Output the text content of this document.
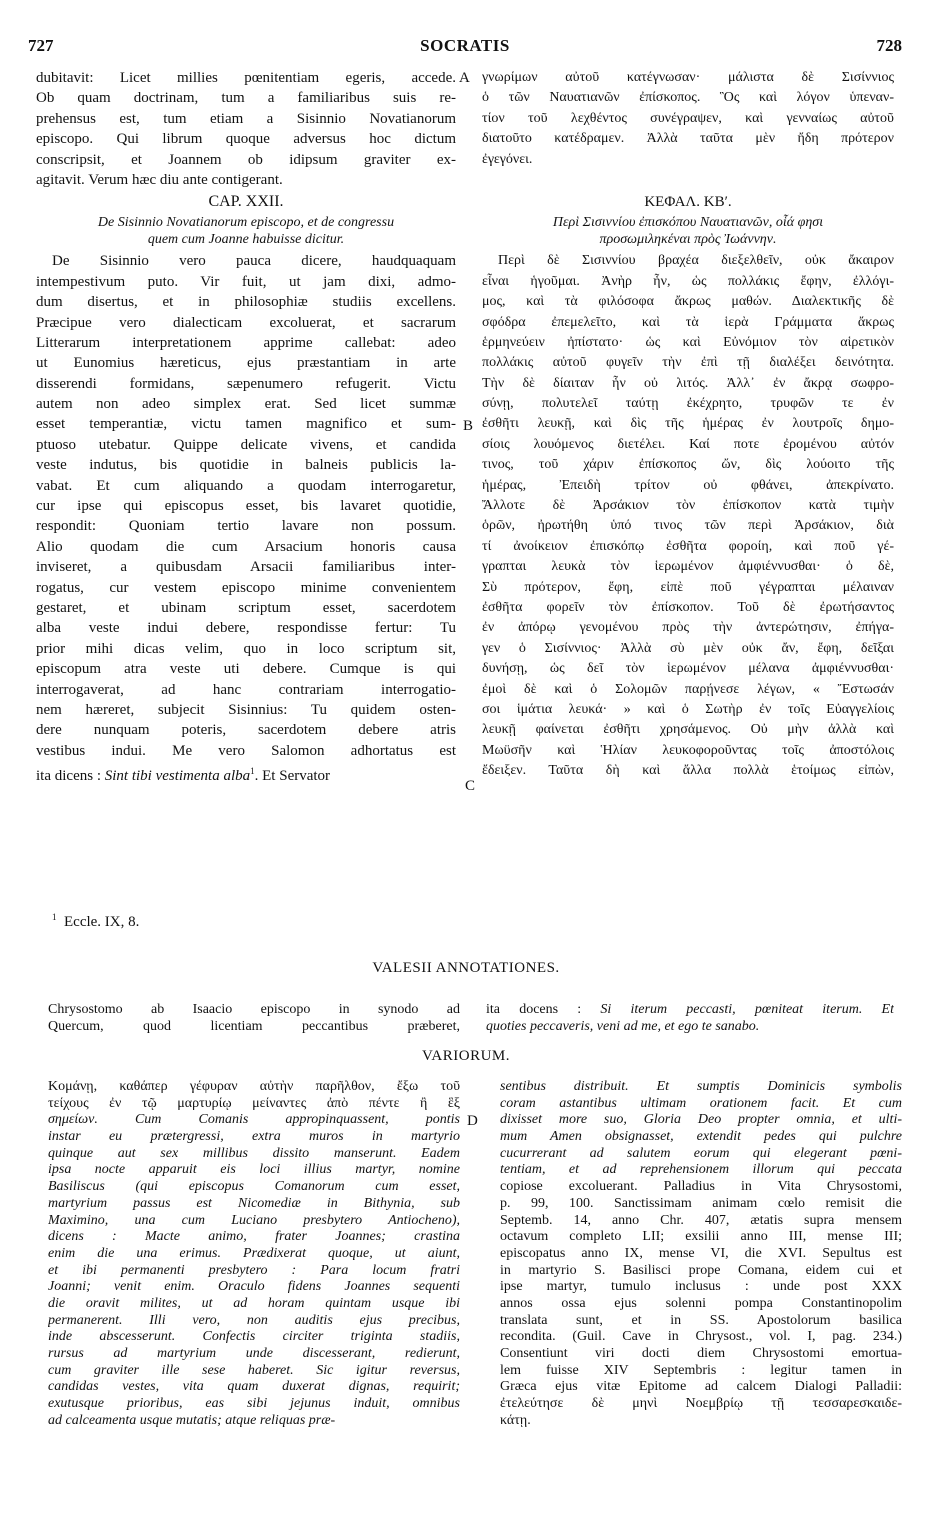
727	SOCRATIS	728
dubitavit: Licet millies pœnitentiam egeris, accede.
Ob quam doctrinam, tum a familiaribus suis re-
prehensus est, tum etiam a Sisinnio Novatianorum
episcopo. Qui librum quoque adversus hoc dictum
conscripsit, et Joannem ob idipsum graviter ex-
agitavit. Verum hæc diu ante contigerant.
CAP. XXII.
De Sisinnio Novatianorum episcopo, et de congressu
quem cum Joanne habuisse dicitur.
De Sisinnio vero pauca dicere, haudquaquam
intempestivum puto. Vir fuit, ut jam dixi, admo-
dum disertus, et in philosophiæ studiis excellens.
Præcipue vero dialecticam excoluerat, et sacrarum
Litterarum interpretationem apprime callebat: adeo
ut Eunomius hæreticus, ejus præstantiam in arte
disserendi formidans, sæpenumero refugerit. Victu
autem non adeo simplex erat. Sed licet summæ
esset temperantiæ, victu tamen magnifico et sum-
ptuoso utebatur. Quippe delicate vivens, et candida
veste indutus, bis quotidie in balneis publicis la-
vabat. Et cum aliquando a quodam interrogaretur,
cur ipse qui episcopus esset, bis lavaret quotidie,
respondit: Quoniam tertio lavare non possum.
Alio quodam die cum Arsacium honoris causa
inviseret, a quibusdam Arsacii familiaribus inter-
rogatus, cur vestem episcopo minime convenientem
gestaret, et ubinam scriptum esset, sacerdotem
alba veste indui debere, respondisse fertur: Tu
prior mihi dicas velim, quo in loco scriptum sit,
episcopum atra veste uti debere. Cumque is qui
interrogaverat, ad hanc contrariam interrogatio-
nem hæreret, subjecit Sisinnius: Tu quidem osten-
dere nunquam poteris, sacerdotem debere atris
vestibus indui. Me vero Salomon adhortatus est
ita dicens : Sint tibi vestimenta alba$^1$. Et Servator
γνωρίμων αὐτοῦ κατέγνωσαν· μάλιστα δὲ Σισίννιος
ὁ τῶν Ναυατιανῶν ἐπίσκοπος. Ὃς καὶ λόγον ὑπεναν-
τίον τοῦ λεχθέντος συνέγραψεν, καὶ γενναίως αὐτοῦ
διατοῦτο κατέδραμεν. Ἀλλὰ ταῦτα μὲν ἤδη πρότερον
ἐγεγόνει.
ΚΕΦΑΛ. ΚΒʹ.
Περὶ Σισιννίου ἐπισκόπου Ναυατιανῶν, οἷά φησι
προσωμιληκέναι πρὸς Ἰωάννην.
Περὶ δὲ Σισιννίου βραχέα διεξελθεῖν, οὐκ ἄκαιρον
εἶναι ἡγοῦμαι. Ἀνὴρ ἦν, ὡς πολλάκις ἔφην, ἐλλόγι-
μος, καὶ τὰ φιλόσοφα ἄκρως μαθών. Διαλεκτικῆς δὲ
σφόδρα ἐπεμελεῖτο, καὶ τὰ ἱερὰ Γράμματα ἄκρως
ἑρμηνεύειν ἠπίστατο· ὡς καὶ Εὐνόμιον τὸν αἱρετικὸν
πολλάκις αὐτοῦ φυγεῖν τὴν ἐπὶ τῇ διαλέξει δεινότητα.
Τὴν δὲ δίαιταν ἦν οὐ λιτός. Ἀλλ᾽ ἐν ἄκρᾳ σωφρο-
σύνῃ, πολυτελεῖ ταύτῃ ἐκέχρητο, τρυφῶν τε ἐν
ἐσθῆτι λευκῇ, καὶ δὶς τῆς ἡμέρας ἐν λουτροῖς δημο-
σίοις λουόμενος διετέλει. Καί ποτε ἐρομένου αὐτόν
τινος, τοῦ χάριν ἐπίσκοπος ὤν, δὶς λούοιτο τῆς
ἡμέρας, Ἐπειδὴ τρίτον οὐ φθάνει, ἀπεκρίνατο.
Ἄλλοτε δὲ Ἀρσάκιον τὸν ἐπίσκοπον κατὰ τιμὴν
ὁρῶν, ἠρωτήθη ὑπό τινος τῶν περὶ Ἀρσάκιον, διὰ
τί ἀνοίκειον ἐπισκόπῳ ἐσθῆτα φοροίη, καὶ ποῦ γέ-
γραπται λευκὰ τὸν ἱερωμένον ἀμφιέννυσθαι· ὁ δὲ,
Σὺ πρότερον, ἔφη, εἰπὲ ποῦ γέγραπται μέλαιναν
ἐσθῆτα φορεῖν τὸν ἐπίσκοπον. Τοῦ δὲ ἐρωτήσαντος
ἐν ἀπόρῳ γενομένου πρὸς τὴν ἀντερώτησιν, ἐπήγα-
γεν ὁ Σισίννιος· Ἀλλὰ σὺ μὲν οὐκ ἄν, ἔφη, δεῖξαι
δυνήσῃ, ὡς δεῖ τὸν ἱερωμένον μέλανα ἀμφιέννυσθαι·
ἐμοὶ δὲ καὶ ὁ Σολομῶν παρῄνεσε λέγων, « Ἔστωσάν
σοι ἱμάτια λευκά· » καὶ ὁ Σωτὴρ ἐν τοῖς Εὐαγγελίοις
λευκῇ φαίνεται ἐσθῆτι χρησάμενος. Οὐ μὴν ἀλλὰ καὶ
Μωϋσῆν καὶ Ἡλίαν λευκοφοροῦντας τοῖς ἀποστόλοις
ἔδειξεν. Ταῦτα δὴ καὶ ἄλλα πολλὰ ἑτοίμως εἰπὼν,
A
B
C
D
$^1$ Eccle. IX, 8.
VALESII ANNOTATIONES.
Chrysostomo ab Isaacio episcopo in synodo ad
Quercum, quod licentiam peccantibus præberet,
ita docens : Si iterum peccasti, pœniteat iterum. Et
quoties peccaveris, veni ad me, et ego te sanabo.
VARIORUM.
Κομάνῃ, καθάπερ γέφυραν αὐτὴν παρῆλθον, ἔξω τοῦ
τείχους ἐν τῷ μαρτυρίῳ μείναντες ἀπὸ πέντε ἢ ἓξ
σημείων. Cum Comanis appropinquassent, pontis
instar eu prætergressi, extra muros in martyrio
quinque aut sex millibus dissito manserunt. Eadem
ipsa nocte apparuit eis loci illius martyr, nomine
Basiliscus (qui episcopus Comanorum cum esset,
martyrium passus est Nicomediæ in Bithynia, sub
Maximino, una cum Luciano presbytero Antiocheno),
dicens : Macte animo, frater Joannes; crastina
enim die una erimus. Prædixerat quoque, ut aiunt,
et ibi permanenti presbytero : Para locum fratri
Joanni; venit enim. Oraculo fidens Joannes sequenti
die oravit milites, ut ad horam quintam usque ibi
permanerent. Illi vero, non auditis ejus precibus,
inde abscesserunt. Confectis circiter triginta stadiis,
rursus ad martyrium unde discesserant, redierunt,
cum graviter ille sese haberet. Sic igitur reversus,
candidas vestes, vita quam duxerat dignas, requirit;
exutusque prioribus, eas sibi jejunus induit, omnibus
ad calceamenta usque mutatis; atque reliquas præ-
sentibus distribuit. Et sumptis Dominicis symbolis
coram astantibus ultimam orationem facit. Et cum
dixisset more suo, Gloria Deo propter omnia, et ulti-
mum Amen obsignasset, extendit pedes qui pulchre
cucurrerant ad salutem eorum qui elegerant pœni-
tentiam, et ad reprehensionem illorum qui peccata
copiose excoluerant. Palladius in Vita Chrysostomi,
p. 99, 100. Sanctissimam animam cœlo remisit die
Septemb. 14, anno Chr. 407, ætatis supra mensem
octavum completo LII; exsilii anno III, mense III;
episcopatus anno IX, mense VI, die XVI. Sepultus est
in martyrio S. Basilisci prope Comana, eidem cui et
ipse martyr, tumulo inclusus : unde post XXX
annos ossa ejus solenni pompa Constantinopolim
translata sunt, et in SS. Apostolorum basilica
recondita. (Guil. Cave in Chrysost., vol. I, pag. 234.)
Consentiunt viri docti diem Chrysostomi emortua-
lem fuisse XIV Septembris : legitur tamen in
Græca ejus vitæ Epitome ad calcem Dialogi Palladii:
ἐτελεύτησε δὲ μηνὶ Νοεμβρίῳ τῇ τεσσαρεσκαιδε-
κάτῃ.
